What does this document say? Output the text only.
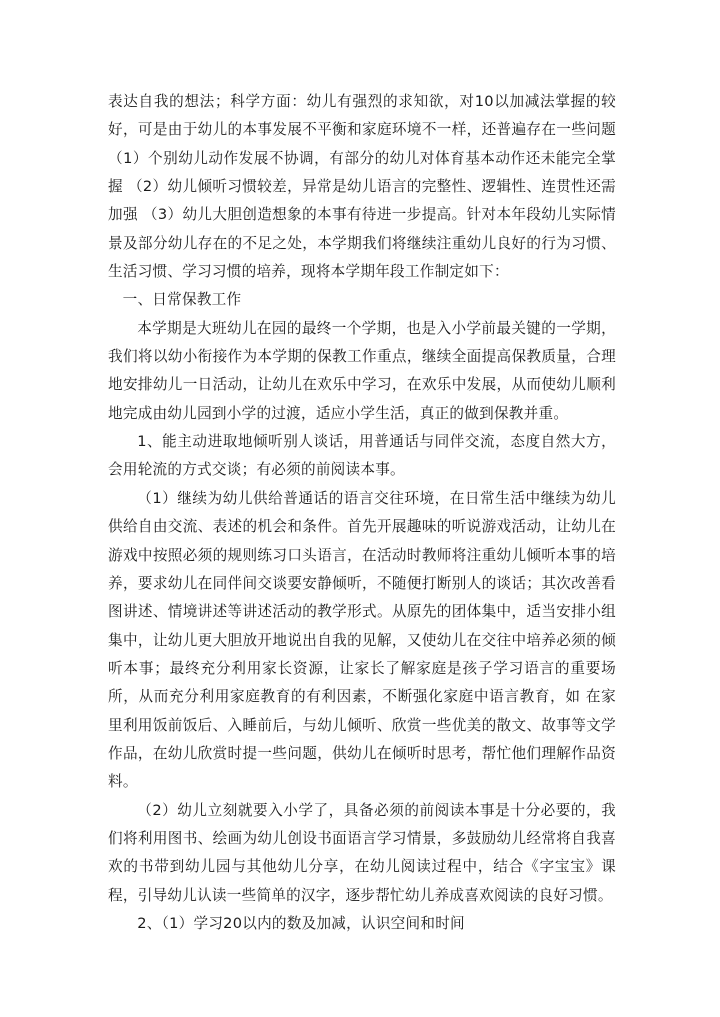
表达自我的想法；科学方面：幼儿有强烈的求知欲，对10以加减法掌握的较好，可是由于幼儿的本事发展不平衡和家庭环境不一样，还普遍存在一些问题 （1）个别幼儿动作发展不协调，有部分的幼儿对体育基本动作还未能完全掌握 （2）幼儿倾听习惯较差，异常是幼儿语言的完整性、逻辑性、连贯性还需加强 （3）幼儿大胆创造想象的本事有待进一步提高。针对本年段幼儿实际情景及部分幼儿存在的不足之处，本学期我们将继续注重幼儿良好的行为习惯、生活习惯、学习习惯的培养，现将本学期年段工作制定如下：

一、日常保教工作

本学期是大班幼儿在园的最终一个学期，也是入小学前最关键的一学期，我们将以幼小衔接作为本学期的保教工作重点，继续全面提高保教质量，合理地安排幼儿一日活动，让幼儿在欢乐中学习，在欢乐中发展，从而使幼儿顺利地完成由幼儿园到小学的过渡，适应小学生活，真正的做到保教并重。

1、能主动进取地倾听别人谈话，用普通话与同伴交流，态度自然大方，会用轮流的方式交谈；有必须的前阅读本事。

（1）继续为幼儿供给普通话的语言交往环境，在日常生活中继续为幼儿供给自由交流、表述的机会和条件。首先开展趣味的听说游戏活动，让幼儿在游戏中按照必须的规则练习口头语言，在活动时教师将注重幼儿倾听本事的培养，要求幼儿在同伴间交谈要安静倾听，不随便打断别人的谈话；其次改善看图讲述、情境讲述等讲述活动的教学形式。从原先的团体集中，适当安排小组集中，让幼儿更大胆放开地说出自我的见解，又使幼儿在交往中培养必须的倾听本事；最终充分利用家长资源，让家长了解家庭是孩子学习语言的重要场所，从而充分利用家庭教育的有利因素，不断强化家庭中语言教育，如 在家里利用饭前饭后、入睡前后，与幼儿倾听、欣赏一些优美的散文、故事等文学作品，在幼儿欣赏时提一些问题，供幼儿在倾听时思考，帮忙他们理解作品资料。

（2）幼儿立刻就要入小学了，具备必须的前阅读本事是十分必要的，我们将利用图书、绘画为幼儿创设书面语言学习情景，多鼓励幼儿经常将自我喜欢的书带到幼儿园与其他幼儿分享，在幼儿阅读过程中，结合《字宝宝》课程，引导幼儿认读一些简单的汉字，逐步帮忙幼儿养成喜欢阅读的良好习惯。

2、（1）学习20以内的数及加减，认识空间和时间
